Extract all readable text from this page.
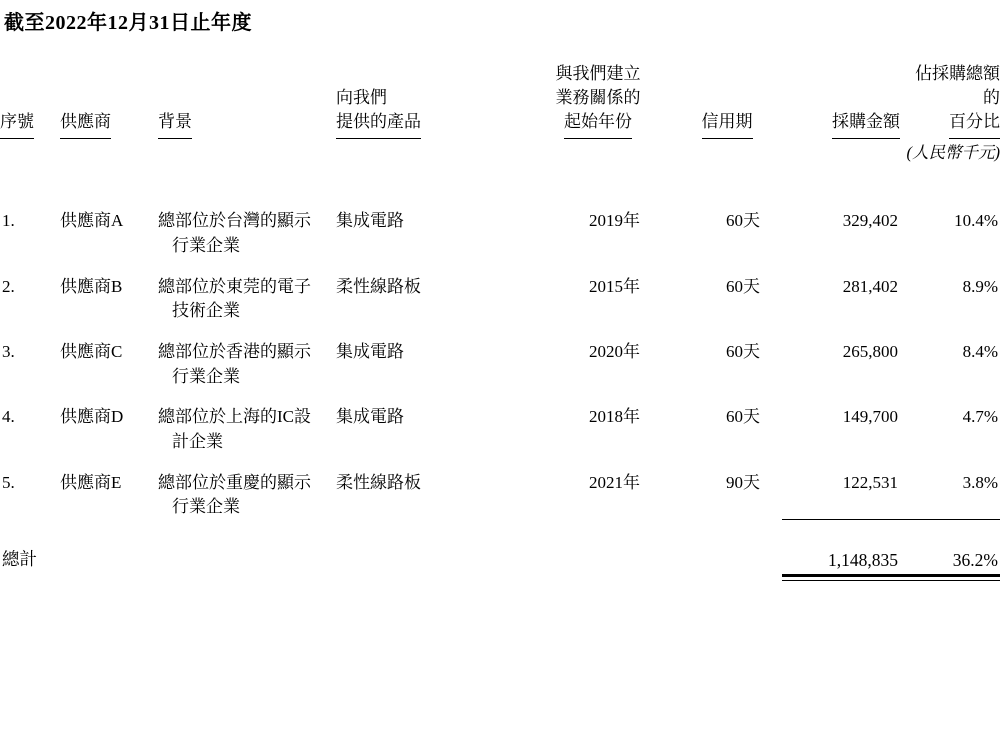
截至2022年12月31日止年度
序號	供應商	背景	向我們
提供的產品	與我們建立
業務關係的
起始年份	信用期	採購金額	佔採購總額的
百分比
						(人民幣千元)	

1.	供應商A	總部位於台灣的顯示
行業企業	集成電路	2019年	60天	329,402	10.4%

2.	供應商B	總部位於東莞的電子
技術企業	柔性線路板	2015年	60天	281,402	8.9%

3.	供應商C	總部位於香港的顯示
行業企業	集成電路	2020年	60天	265,800	8.4%

4.	供應商D	總部位於上海的IC設
計企業	集成電路	2018年	60天	149,700	4.7%

5.	供應商E	總部位於重慶的顯示
行業企業	柔性線路板	2021年	90天	122,531	3.8%

總計						1,148,835	36.2%
